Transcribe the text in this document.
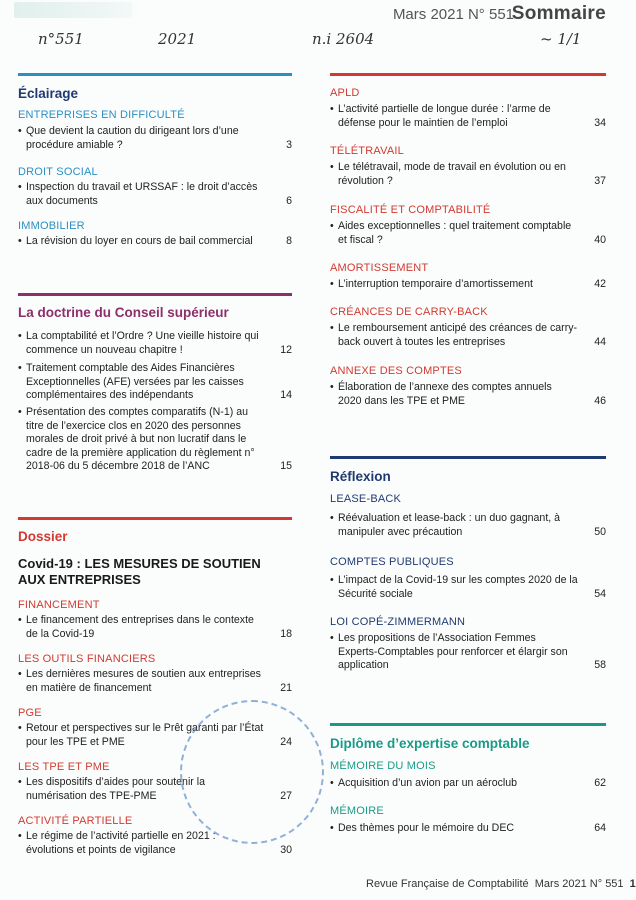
Mars 2021 N° 551
Sommaire
n°551	2021	n.i 2604	~ 1/1
Éclairage
ENTREPRISES EN DIFFICULTÉ
• Que devient la caution du dirigeant lors d’une procédure amiable ?	3
DROIT SOCIAL
• Inspection du travail et URSSAF : le droit d’accès aux documents	6
IMMOBILIER
• La révision du loyer en cours de bail commercial	8
La doctrine du Conseil supérieur
• La comptabilité et l’Ordre ? Une vieille histoire qui commence un nouveau chapitre !	12
• Traitement comptable des Aides Financières Exceptionnelles (AFE) versées par les caisses complémentaires des indépendants	14
• Présentation des comptes comparatifs (N-1) au titre de l’exercice clos en 2020 des personnes morales de droit privé à but non lucratif dans le cadre de la première application du règlement n° 2018-06 du 5 décembre 2018 de l’ANC	15
Dossier
Covid-19 : LES MESURES DE SOUTIEN AUX ENTREPRISES
FINANCEMENT
• Le financement des entreprises dans le contexte de la Covid-19	18
LES OUTILS FINANCIERS
• Les dernières mesures de soutien aux entreprises en matière de financement	21
PGE
• Retour et perspectives sur le Prêt garanti par l’État pour les TPE et PME	24
LES TPE ET PME
• Les dispositifs d’aides pour soutenir la numérisation des TPE-PME	27
ACTIVITÉ PARTIELLE
• Le régime de l’activité partielle en 2021 : évolutions et points de vigilance	30
APLD
• L’activité partielle de longue durée : l’arme de défense pour le maintien de l’emploi	34
TÉLÉTRAVAIL
• Le télétravail, mode de travail en évolution ou en révolution ?	37
FISCALITÉ ET COMPTABILITÉ
• Aides exceptionnelles : quel traitement comptable et fiscal ?	40
AMORTISSEMENT
• L’interruption temporaire d’amortissement	42
CRÉANCES DE CARRY-BACK
• Le remboursement anticipé des créances de carry-back ouvert à toutes les entreprises	44
ANNEXE DES COMPTES
• Élaboration de l’annexe des comptes annuels 2020 dans les TPE et PME	46
Réflexion
LEASE-BACK
• Réévaluation et lease-back : un duo gagnant, à manipuler avec précaution	50
COMPTES PUBLIQUES
• L’impact de la Covid-19 sur les comptes 2020 de la Sécurité sociale	54
LOI COPÉ-ZIMMERMANN
• Les propositions de l’Association Femmes Experts-Comptables pour renforcer et élargir son application	58
Diplôme d’expertise comptable
MÉMOIRE DU MOIS
• Acquisition d’un avion par un aéroclub	62
MÉMOIRE
• Des thèmes pour le mémoire du DEC	64
Revue Française de Comptabilité Mars 2021 N° 551 1
